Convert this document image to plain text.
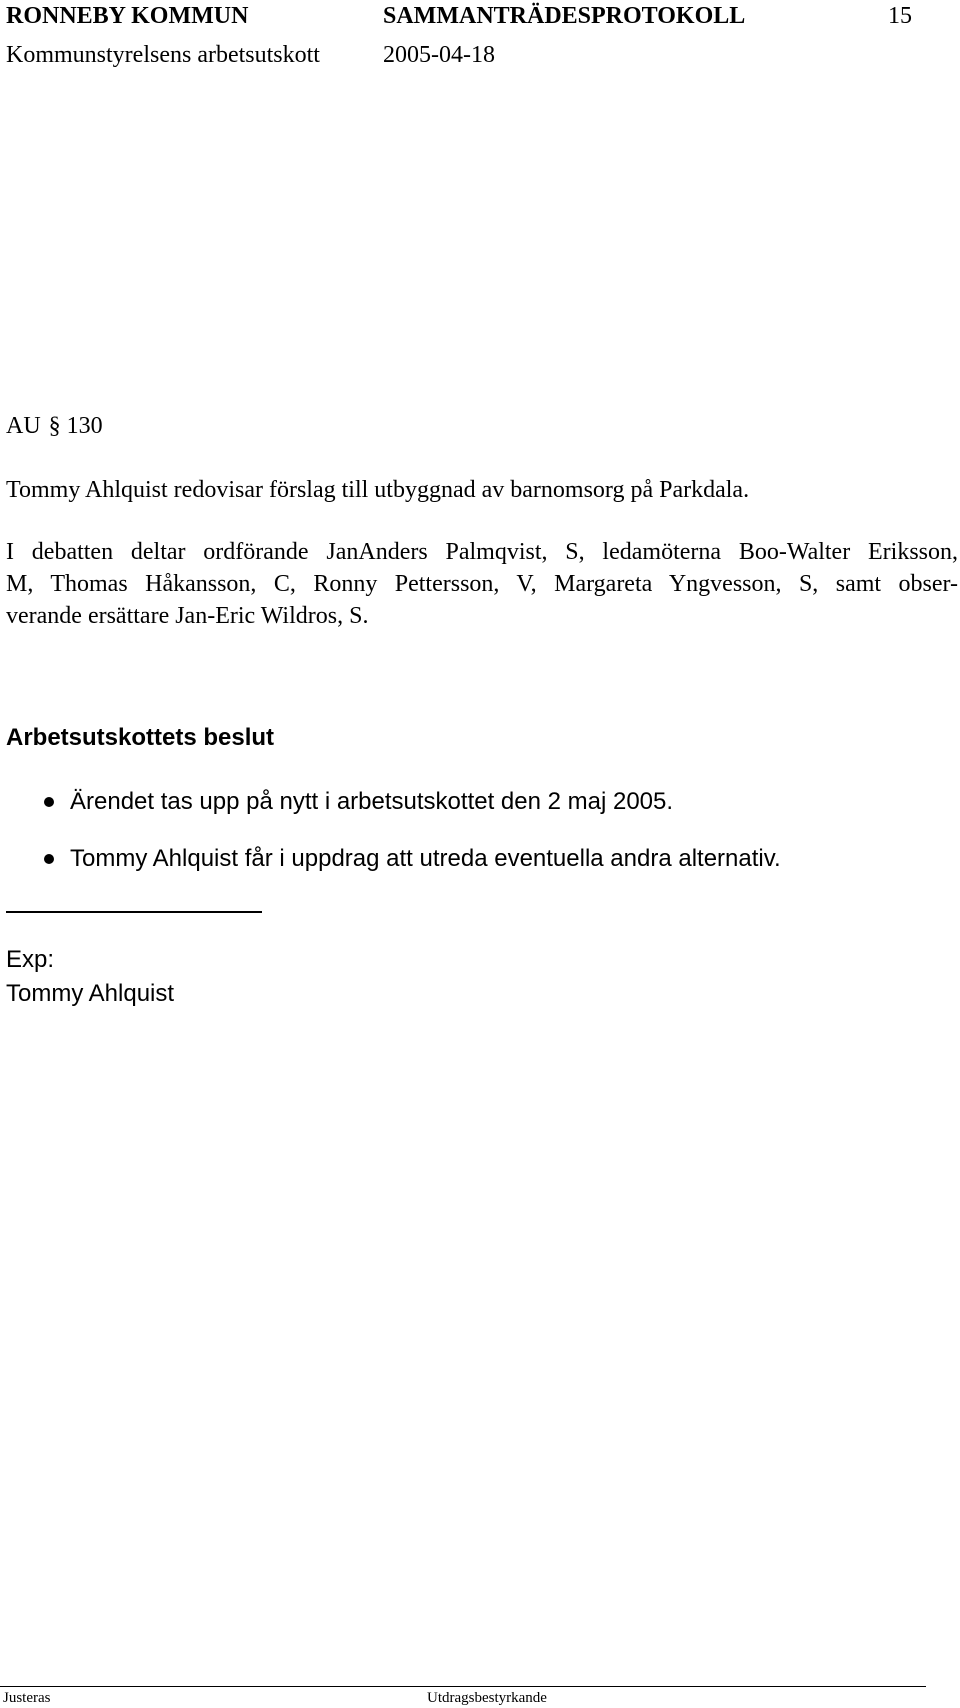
RONNEBY KOMMUN	SAMMANTRÄDESPROTOKOLL	15
Kommunstyrelsens arbetsutskott	2005-04-18
AU § 130
Tommy Ahlquist redovisar förslag till utbyggnad av barnomsorg på Parkdala.
I debatten deltar ordförande JanAnders Palmqvist, S, ledamöterna Boo-Walter Eriksson,
M, Thomas Håkansson, C, Ronny Pettersson, V, Margareta Yngvesson, S, samt obser-
verande ersättare Jan-Eric Wildros, S.
Arbetsutskottets beslut
Ärendet tas upp på nytt i arbetsutskottet den 2 maj 2005.
Tommy Ahlquist får i uppdrag att utreda eventuella andra alternativ.
Exp:
Tommy Ahlquist
Justeras	Utdragsbestyrkande
